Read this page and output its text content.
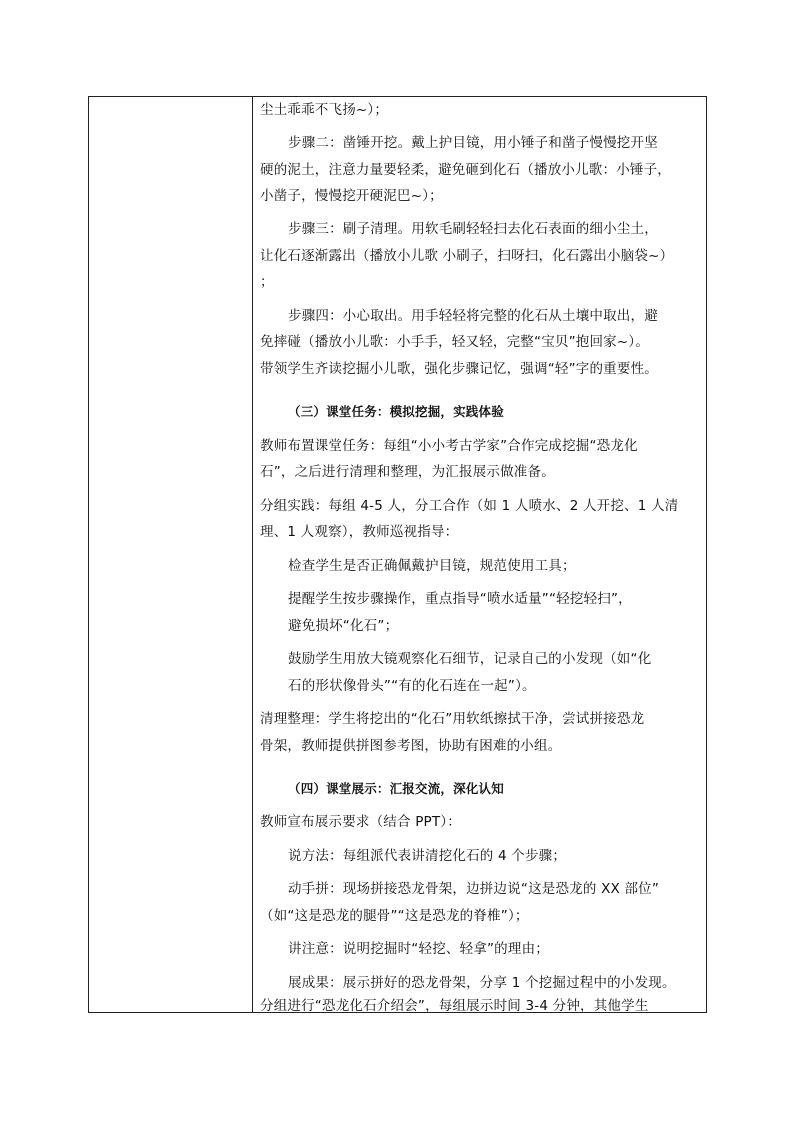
尘土乖乖不飞扬~）；
步骤二：凿锤开挖。戴上护目镜，用小锤子和凿子慢慢挖开坚
硬的泥土，注意力量要轻柔，避免砸到化石（播放小儿歌：小锤子，
小凿子，慢慢挖开硬泥巴~）；
步骤三：刷子清理。用软毛刷轻轻扫去化石表面的细小尘土，
让化石逐渐露出（播放小儿歌 小刷子，扫呀扫，化石露出小脑袋~）
；
步骤四：小心取出。用手轻轻将完整的化石从土壤中取出，避
免摔碰（播放小儿歌：小手手，轻又轻，完整“宝贝”抱回家~）。
带领学生齐读挖掘小儿歌，强化步骤记忆，强调“轻”字的重要性。
（三）课堂任务：模拟挖掘，实践体验
教师布置课堂任务：每组“小小考古学家”合作完成挖掘“恐龙化
石”，之后进行清理和整理，为汇报展示做准备。
分组实践：每组 4-5 人，分工合作（如 1 人喷水、2 人开挖、1 人清
理、1 人观察），教师巡视指导：
检查学生是否正确佩戴护目镜，规范使用工具；
提醒学生按步骤操作，重点指导“喷水适量”“轻挖轻扫”，
避免损坏“化石”；
鼓励学生用放大镜观察化石细节，记录自己的小发现（如“化
石的形状像骨头”“有的化石连在一起”）。
清理整理：学生将挖出的“化石”用软纸擦拭干净，尝试拼接恐龙
骨架，教师提供拼图参考图，协助有困难的小组。
（四）课堂展示：汇报交流，深化认知
教师宣布展示要求（结合 PPT）：
说方法：每组派代表讲清挖化石的 4 个步骤；
动手拼：现场拼接恐龙骨架，边拼边说“这是恐龙的 XX 部位”
（如“这是恐龙的腿骨”“这是恐龙的脊椎”）；
讲注意：说明挖掘时“轻挖、轻拿”的理由；
展成果：展示拼好的恐龙骨架，分享 1 个挖掘过程中的小发现。
分组进行“恐龙化石介绍会”，每组展示时间 3-4 分钟，其他学生
